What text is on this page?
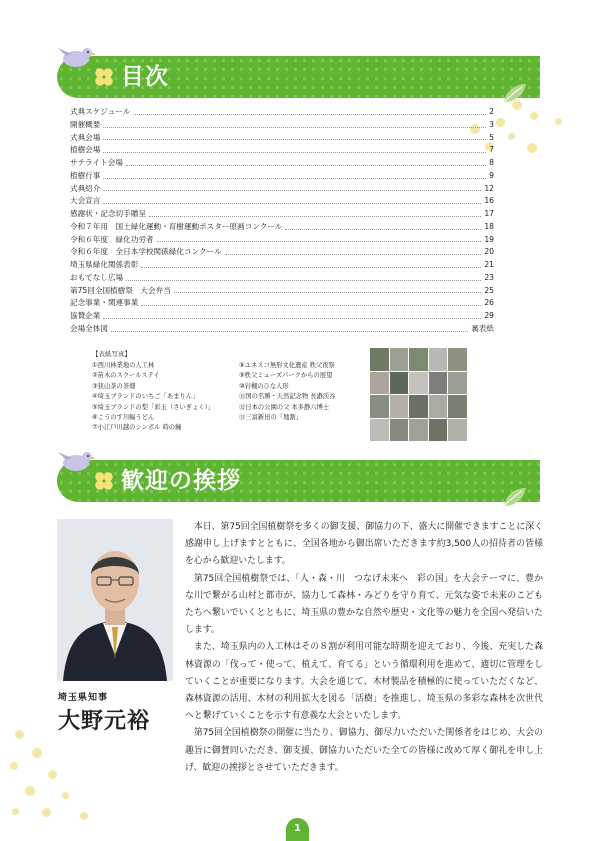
目次
式典スケジュール	2
開催概要	3
式典会場	5
植樹会場	7
サテライト会場	8
植樹行事	9
式典紹介	12
大会宣言	16
感謝状・記念切手贈呈	17
令和７年用　国土緑化運動・育樹運動ポスター原画コンクール	18
令和６年度　緑化功労者	19
令和６年度　全日本学校関係緑化コンクール	20
埼玉県緑化関係表彰	21
おもてなし広場	23
第75回全国植樹祭　大会弁当	25
記念事業・関連事業	26
協賛企業	29
会場全体図	裏表紙
【表紙写真】
①西川林業地の人工林
②苗木のスクールステイ
③狭山茶の茶畑
④埼玉ブランドのいちご「あまりん」
⑤埼玉ブランドの梨「彩玉（さいぎょく）」
⑥こうのす川幅うどん
⑦小江戸川越のシンボル 時の鐘
⑧ユネスコ無形文化遺産 秩父夜祭
⑨秩父ミューズパークからの展望
⑩岩槻のひな人形
⑪国の名勝・天然記念物 長瀞渓谷
⑫日本の公園の父 本多静六博士
⑬三富新田の「地割」
歓迎の挨拶
埼玉県知事
大野元裕

本日、第75回全国植樹祭を多くの御支援、御協力の下、盛大に開催できますことに深く感謝申し上げますとともに、全国各地から御出席いただきます約3,500人の招待者の皆様を心から歓迎いたします。

第75回全国植樹祭では、「人・森・川　つなげ未来へ　彩の国」を大会テーマに、豊かな川で繋がる山村と都市が、協力して森林・みどりを守り育て、元気な姿で未来のこどもたちへ繋いでいくとともに、埼玉県の豊かな自然や歴史・文化等の魅力を全国へ発信いたします。

また、埼玉県内の人工林はその８割が利用可能な時期を迎えており、今後、充実した森林資源の「伐って・使って、植えて、育てる」という循環利用を進めて、適切に管理をしていくことが重要になります。大会を通じて、木材製品を積極的に使っていただくなど、森林資源の活用、木材の利用拡大を図る「活樹」を推進し、埼玉県の多彩な森林を次世代へと繋げていくことを示す有意義な大会といたします。

第75回全国植樹祭の開催に当たり、御協力、御尽力いただいた関係者をはじめ、大会の趣旨に御賛同いただき、御支援、御協力いただいた全ての皆様に改めて厚く御礼を申し上げ、歓迎の挨拶とさせていただきます。

1
